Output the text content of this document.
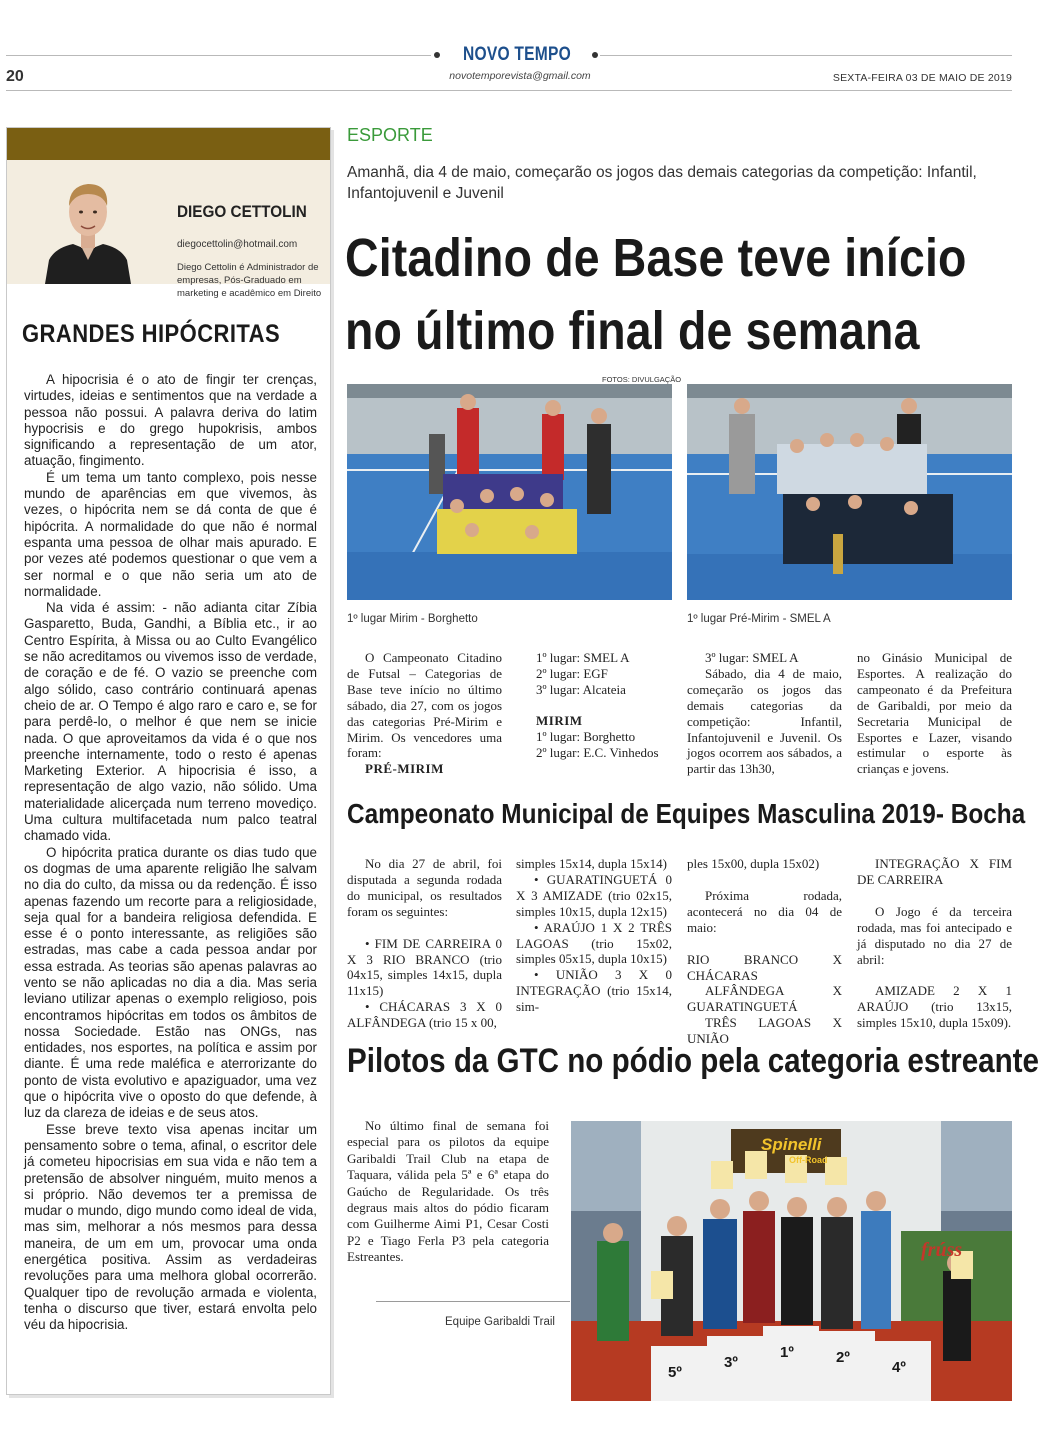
NOVO TEMPO
novotemporevista@gmail.com
20	SEXTA-FEIRA 03 DE MAIO DE 2019
DIEGO CETTOLIN
diegocettolin@hotmail.com
Diego Cettolin é Administrador de empresas, Pós-Graduado em marketing e acadêmico em Direito
GRANDES HIPÓCRITAS

A hipocrisia é o ato de fingir ter crenças, virtudes, ideias e sentimentos que na verdade a pessoa não possui. A palavra deriva do latim hypocrisis e do grego hupokrisis, ambos significando a representação de um ator, atuação, fingimento.

É um tema um tanto complexo, pois nesse mundo de aparências em que vivemos, às vezes, o hipócrita nem se dá conta de que é hipócrita. A normalidade do que não é normal espanta uma pessoa de olhar mais apurado. E por vezes até podemos questionar o que vem a ser normal e o que não seria um ato de normalidade.

Na vida é assim: - não adianta citar Zíbia Gasparetto, Buda, Gandhi, a Bíblia etc., ir ao Centro Espírita, à Missa ou ao Culto Evangélico se não acreditamos ou vivemos isso de verdade, de coração e de fé. O vazio se preenche com algo sólido, caso contrário continuará apenas cheio de ar. O Tempo é algo raro e caro e, se for para perdê-lo, o melhor é que nem se inicie nada. O que aproveitamos da vida é o que nos preenche internamente, todo o resto é apenas Marketing Exterior. A hipocrisia é isso, a representação de algo vazio, não sólido. Uma materialidade alicerçada num terreno movediço. Uma cultura multifacetada num palco teatral chamado vida.

O hipócrita pratica durante os dias tudo que os dogmas de uma aparente religião lhe salvam no dia do culto, da missa ou da redenção. É isso apenas fazendo um recorte para a religiosidade, seja qual for a bandeira religiosa defendida. E esse é o ponto interessante, as religiões são estradas, mas cabe a cada pessoa andar por essa estrada. As teorias são apenas palavras ao vento se não aplicadas no dia a dia. Mas seria leviano utilizar apenas o exemplo religioso, pois encontramos hipócritas em todos os âmbitos de nossa Sociedade. Estão nas ONGs, nas entidades, nos esportes, na política e assim por diante. É uma rede maléfica e aterrorizante do ponto de vista evolutivo e apaziguador, uma vez que o hipócrita vive o oposto do que defende, à luz da clareza de ideias e de seus atos.

Esse breve texto visa apenas incitar um pensamento sobre o tema, afinal, o escritor dele já cometeu hipocrisias em sua vida e não tem a pretensão de absolver ninguém, muito menos a si próprio. Não devemos ter a premissa de mudar o mundo, digo mundo como ideal de vida, mas sim, melhorar a nós mesmos para dessa maneira, de um em um, provocar uma onda energética positiva. Assim as verdadeiras revoluções para uma melhora global ocorrerão. Qualquer tipo de revolução armada e violenta, tenha o discurso que tiver, estará envolta pelo véu da hipocrisia.

ESPORTE
Amanhã, dia 4 de maio, começarão os jogos das demais categorias da competição: Infantil, Infantojuvenil e Juvenil
Citadino de Base teve início
no último final de semana
FOTOS: DIVULGAÇÃO
1º lugar Mirim - Borghetto	1º lugar Pré-Mirim - SMEL A

O Campeonato Citadino de Futsal – Categorias de Base teve início no último sábado, dia 27, com os jogos das categorias Pré-Mirim e Mirim. Os vencedores uma foram:

PRÉ-MIRIM

1º lugar: SMEL A

2º lugar: EGF

3º lugar: Alcateia

MIRIM

1º lugar: Borghetto

2º lugar: E.C. Vinhedos

3º lugar: SMEL A

Sábado, dia 4 de maio, começarão os jogos das demais categorias da competição: Infantil, Infantojuvenil e Juvenil. Os jogos ocorrem aos sábados, a partir das 13h30,

no Ginásio Municipal de Esportes. A realização do campeonato é da Prefeitura de Garibaldi, por meio da Secretaria Municipal de Esportes e Lazer, visando estimular o esporte às crianças e jovens.

Campeonato Municipal de Equipes Masculina 2019- Bocha

No dia 27 de abril, foi disputada a segunda rodada do municipal, os resultados foram os seguintes:

• FIM DE CARREIRA 0 X 3 RIO BRANCO (trio 04x15, simples 14x15, dupla 11x15)

• CHÁCARAS 3 X 0 ALFÂNDEGA (trio 15 x 00,

simples 15x14, dupla 15x14)

• GUARATINGUETÁ 0 X 3 AMIZADE (trio 02x15, simples 10x15, dupla 12x15)

• ARAÚJO 1 X 2 TRÊS LAGOAS (trio 15x02, simples 05x15, dupla 10x15)

• UNIÃO 3 X 0 INTEGRAÇÃO (trio 15x14, sim-

ples 15x00, dupla 15x02)

Próxima rodada, acontecerá no dia 04 de maio:

RIO BRANCO X CHÁCARAS

ALFÂNDEGA X GUARATINGUETÁ

TRÊS LAGOAS X UNIÃO

INTEGRAÇÃO X FIM DE CARREIRA

O Jogo é da terceira rodada, mas foi antecipado e já disputado no dia 27 de abril:

AMIZADE 2 X 1 ARAÚJO (trio 13x15, simples 15x10, dupla 15x09).

Pilotos da GTC no pódio pela categoria estreante

No último final de semana foi especial para os pilotos da equipe Garibaldi Trail Club na etapa de Taquara, válida pela 5ª e 6ª etapa do Gaúcho de Regularidade. Os três degraus mais altos do pódio ficaram com Guilherme Aimi P1, Cesar Costi P2 e Tiago Ferla P3 pela categoria Estreantes.

Equipe Garibaldi Trail
Spinelli
Off-Road
frúss
5º
3º
1º	2º
4º
